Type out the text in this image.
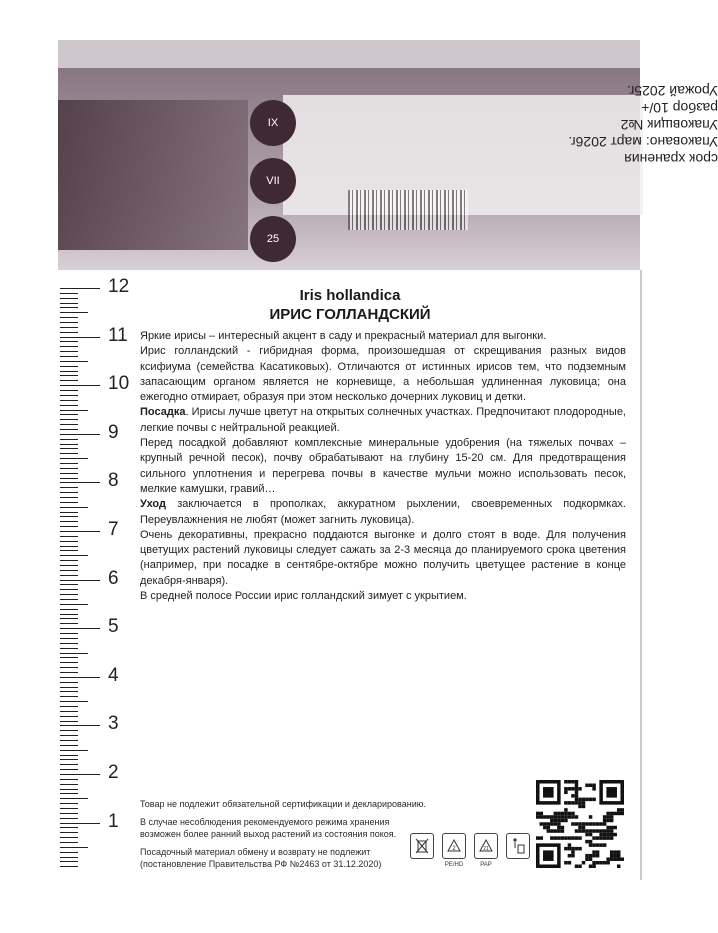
IX
VII
25
срок хранения
Упаковано: март 2026г.
Упаковщик №2
разбор 10/+
Урожай 2025г.
12
11
10
9
8
7
6
5
4
3
2
1
Iris hollandica
ИРИС ГОЛЛАНДСКИЙ

Яркие ирисы – интересный акцент в саду и прекрасный материал для выгонки.

Ирис голландский - гибридная форма, произошедшая от скрещивания разных видов ксифиума (семейства Касатиковых). Отличаются от истинных ирисов тем, что подземным запасающим органом является не корневище, а небольшая удлиненная луковица; она ежегодно отмирает, образуя при этом несколько дочерних луковиц и детки.

Посадка. Ирисы лучше цветут на открытых солнечных участках. Предпочитают плодородные, легкие почвы с нейтральной реакцией.

Перед посадкой добавляют комплексные минеральные удобрения (на тяжелых почвах – крупный речной песок), почву обрабатывают на глубину 15-20 см. Для предотвращения сильного уплотнения и перегрева почвы в качестве мульчи можно использовать песок, мелкие камушки, гравий…

Уход заключается в прополках, аккуратном рыхлении, своевременных подкормках. Переувлажнения не любят (может загнить луковица).

Очень декоративны, прекрасно поддаются выгонке и долго стоят в воде. Для получения цветущих растений луковицы следует сажать за 2-3 месяца до планируемого срока цветения (например, при посадке в сентябре-октябре можно получить цветущее растение в конце декабря-января).

В средней полосе России ирис голландский зимует с укрытием.

Товар не подлежит обязательной сертификации и декларированию.

В случае несоблюдения рекомендуемого режима хранения

возможен более ранний выход растений из состояния покоя.

Посадочный материал обмену и возврату не подлежит

(постановление Правительства РФ №2463 от 31.12.2020)

2
PE/HD
21
PAP
